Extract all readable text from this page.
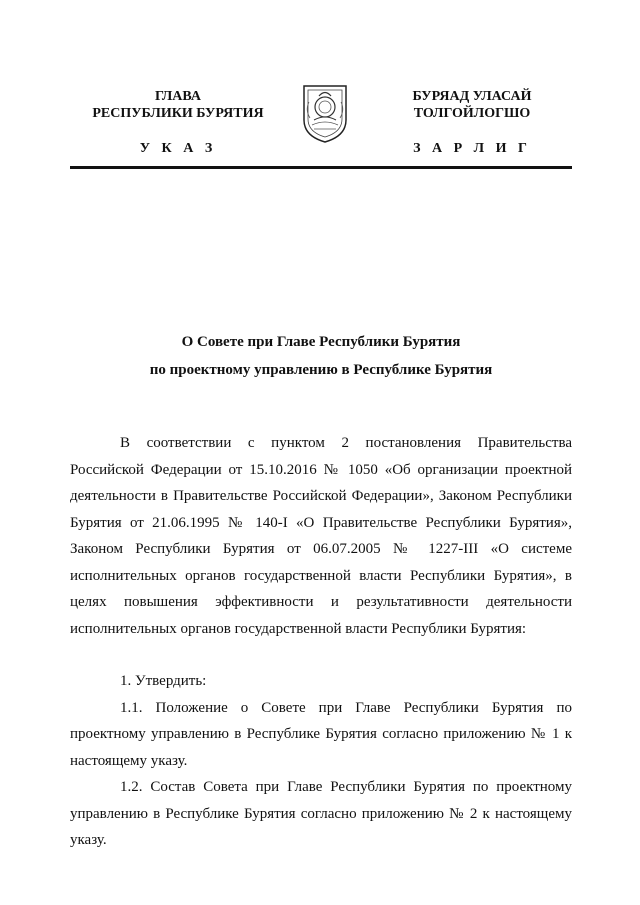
ГЛАВА
РЕСПУБЛИКИ БУРЯТИЯ
У К А З
БУРЯАД УЛАСАЙ
ТОЛГОЙЛОГШО
З А Р Л И Г
О Совете при Главе Республики Бурятия
по проектному управлению в Республике Бурятия

В соответствии с пунктом 2 постановления Правительства Российской Федерации от 15.10.2016 № 1050 «Об организации проектной деятельности в Правительстве Российской Федерации», Законом Республики Бурятия от 21.06.1995 № 140-I «О Правительстве Республики Бурятия», Законом Республики Бурятия от 06.07.2005 № 1227-III «О системе исполнительных органов государственной власти Республики Бурятия», в целях повышения эффективности и результативности деятельности исполнительных органов государственной власти Республики Бурятия:

1. Утвердить:

1.1. Положение о Совете при Главе Республики Бурятия по проектному управлению в Республике Бурятия согласно приложению № 1 к настоящему указу.

1.2. Состав Совета при Главе Республики Бурятия по проектному управлению в Республике Бурятия согласно приложению № 2 к настоящему указу.
